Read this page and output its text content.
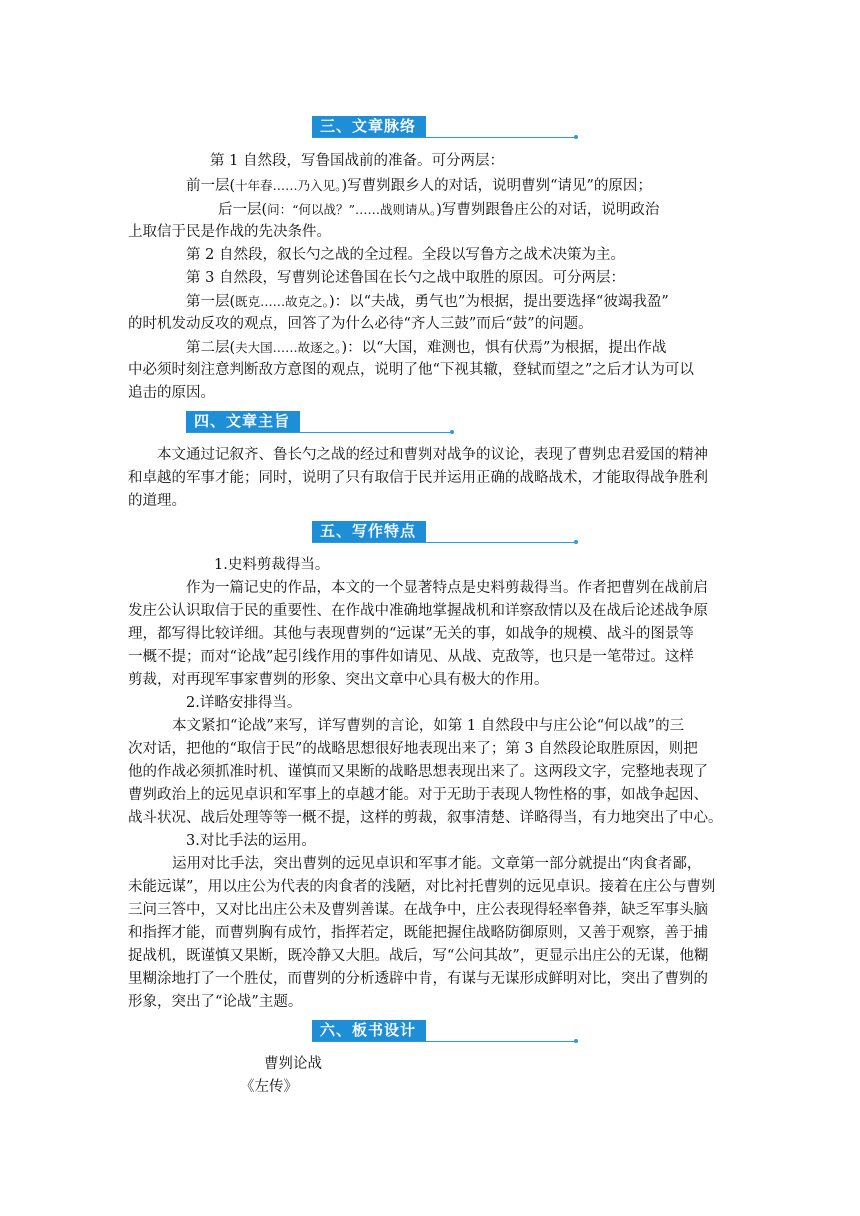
三、文章脉络
第 1 自然段，写鲁国战前的准备。可分两层：
前一层(十年春……乃入见。)写曹刿跟乡人的对话，说明曹刿“请见”的原因；
后一层(问：“何以战？”……战则请从。)写曹刿跟鲁庄公的对话，说明政治
上取信于民是作战的先决条件。
第 2 自然段，叙长勺之战的全过程。全段以写鲁方之战术决策为主。
第 3 自然段，写曹刿论述鲁国在长勺之战中取胜的原因。可分两层：
第一层(既克……故克之。)：以“夫战，勇气也”为根据，提出要选择“彼竭我盈”
的时机发动反攻的观点，回答了为什么必待“齐人三鼓”而后“鼓”的问题。
第二层(夫大国……故逐之。)：以“大国，难测也，惧有伏焉”为根据，提出作战
中必须时刻注意判断敌方意图的观点，说明了他“下视其辙，登轼而望之”之后才认为可以
追击的原因。
四、文章主旨
本文通过记叙齐、鲁长勺之战的经过和曹刿对战争的议论，表现了曹刿忠君爱国的精神
和卓越的军事才能；同时，说明了只有取信于民并运用正确的战略战术，才能取得战争胜利
的道理。
五、写作特点
1.史料剪裁得当。
作为一篇记史的作品，本文的一个显著特点是史料剪裁得当。作者把曹刿在战前启
发庄公认识取信于民的重要性、在作战中准确地掌握战机和详察敌情以及在战后论述战争原
理，都写得比较详细。其他与表现曹刿的“远谋”无关的事，如战争的规模、战斗的图景等
一概不提；而对“论战”起引线作用的事件如请见、从战、克敌等，也只是一笔带过。这样
剪裁，对再现军事家曹刿的形象、突出文章中心具有极大的作用。
2.详略安排得当。
本文紧扣“论战”来写，详写曹刿的言论，如第 1 自然段中与庄公论“何以战”的三
次对话，把他的“取信于民”的战略思想很好地表现出来了；第 3 自然段论取胜原因，则把
他的作战必须抓准时机、谨慎而又果断的战略思想表现出来了。这两段文字，完整地表现了
曹刿政治上的远见卓识和军事上的卓越才能。对于无助于表现人物性格的事，如战争起因、
战斗状况、战后处理等等一概不提，这样的剪裁，叙事清楚、详略得当，有力地突出了中心。
3.对比手法的运用。
运用对比手法，突出曹刿的远见卓识和军事才能。文章第一部分就提出“肉食者鄙，
未能远谋”，用以庄公为代表的肉食者的浅陋，对比衬托曹刿的远见卓识。接着在庄公与曹刿
三问三答中，又对比出庄公未及曹刿善谋。在战争中，庄公表现得轻率鲁莽，缺乏军事头脑
和指挥才能，而曹刿胸有成竹，指挥若定，既能把握住战略防御原则，又善于观察，善于捕
捉战机，既谨慎又果断，既冷静又大胆。战后，写“公问其故”，更显示出庄公的无谋，他糊
里糊涂地打了一个胜仗，而曹刿的分析透辟中肯，有谋与无谋形成鲜明对比，突出了曹刿的
形象，突出了“论战”主题。
六、板书设计
曹刿论战
《左传》
